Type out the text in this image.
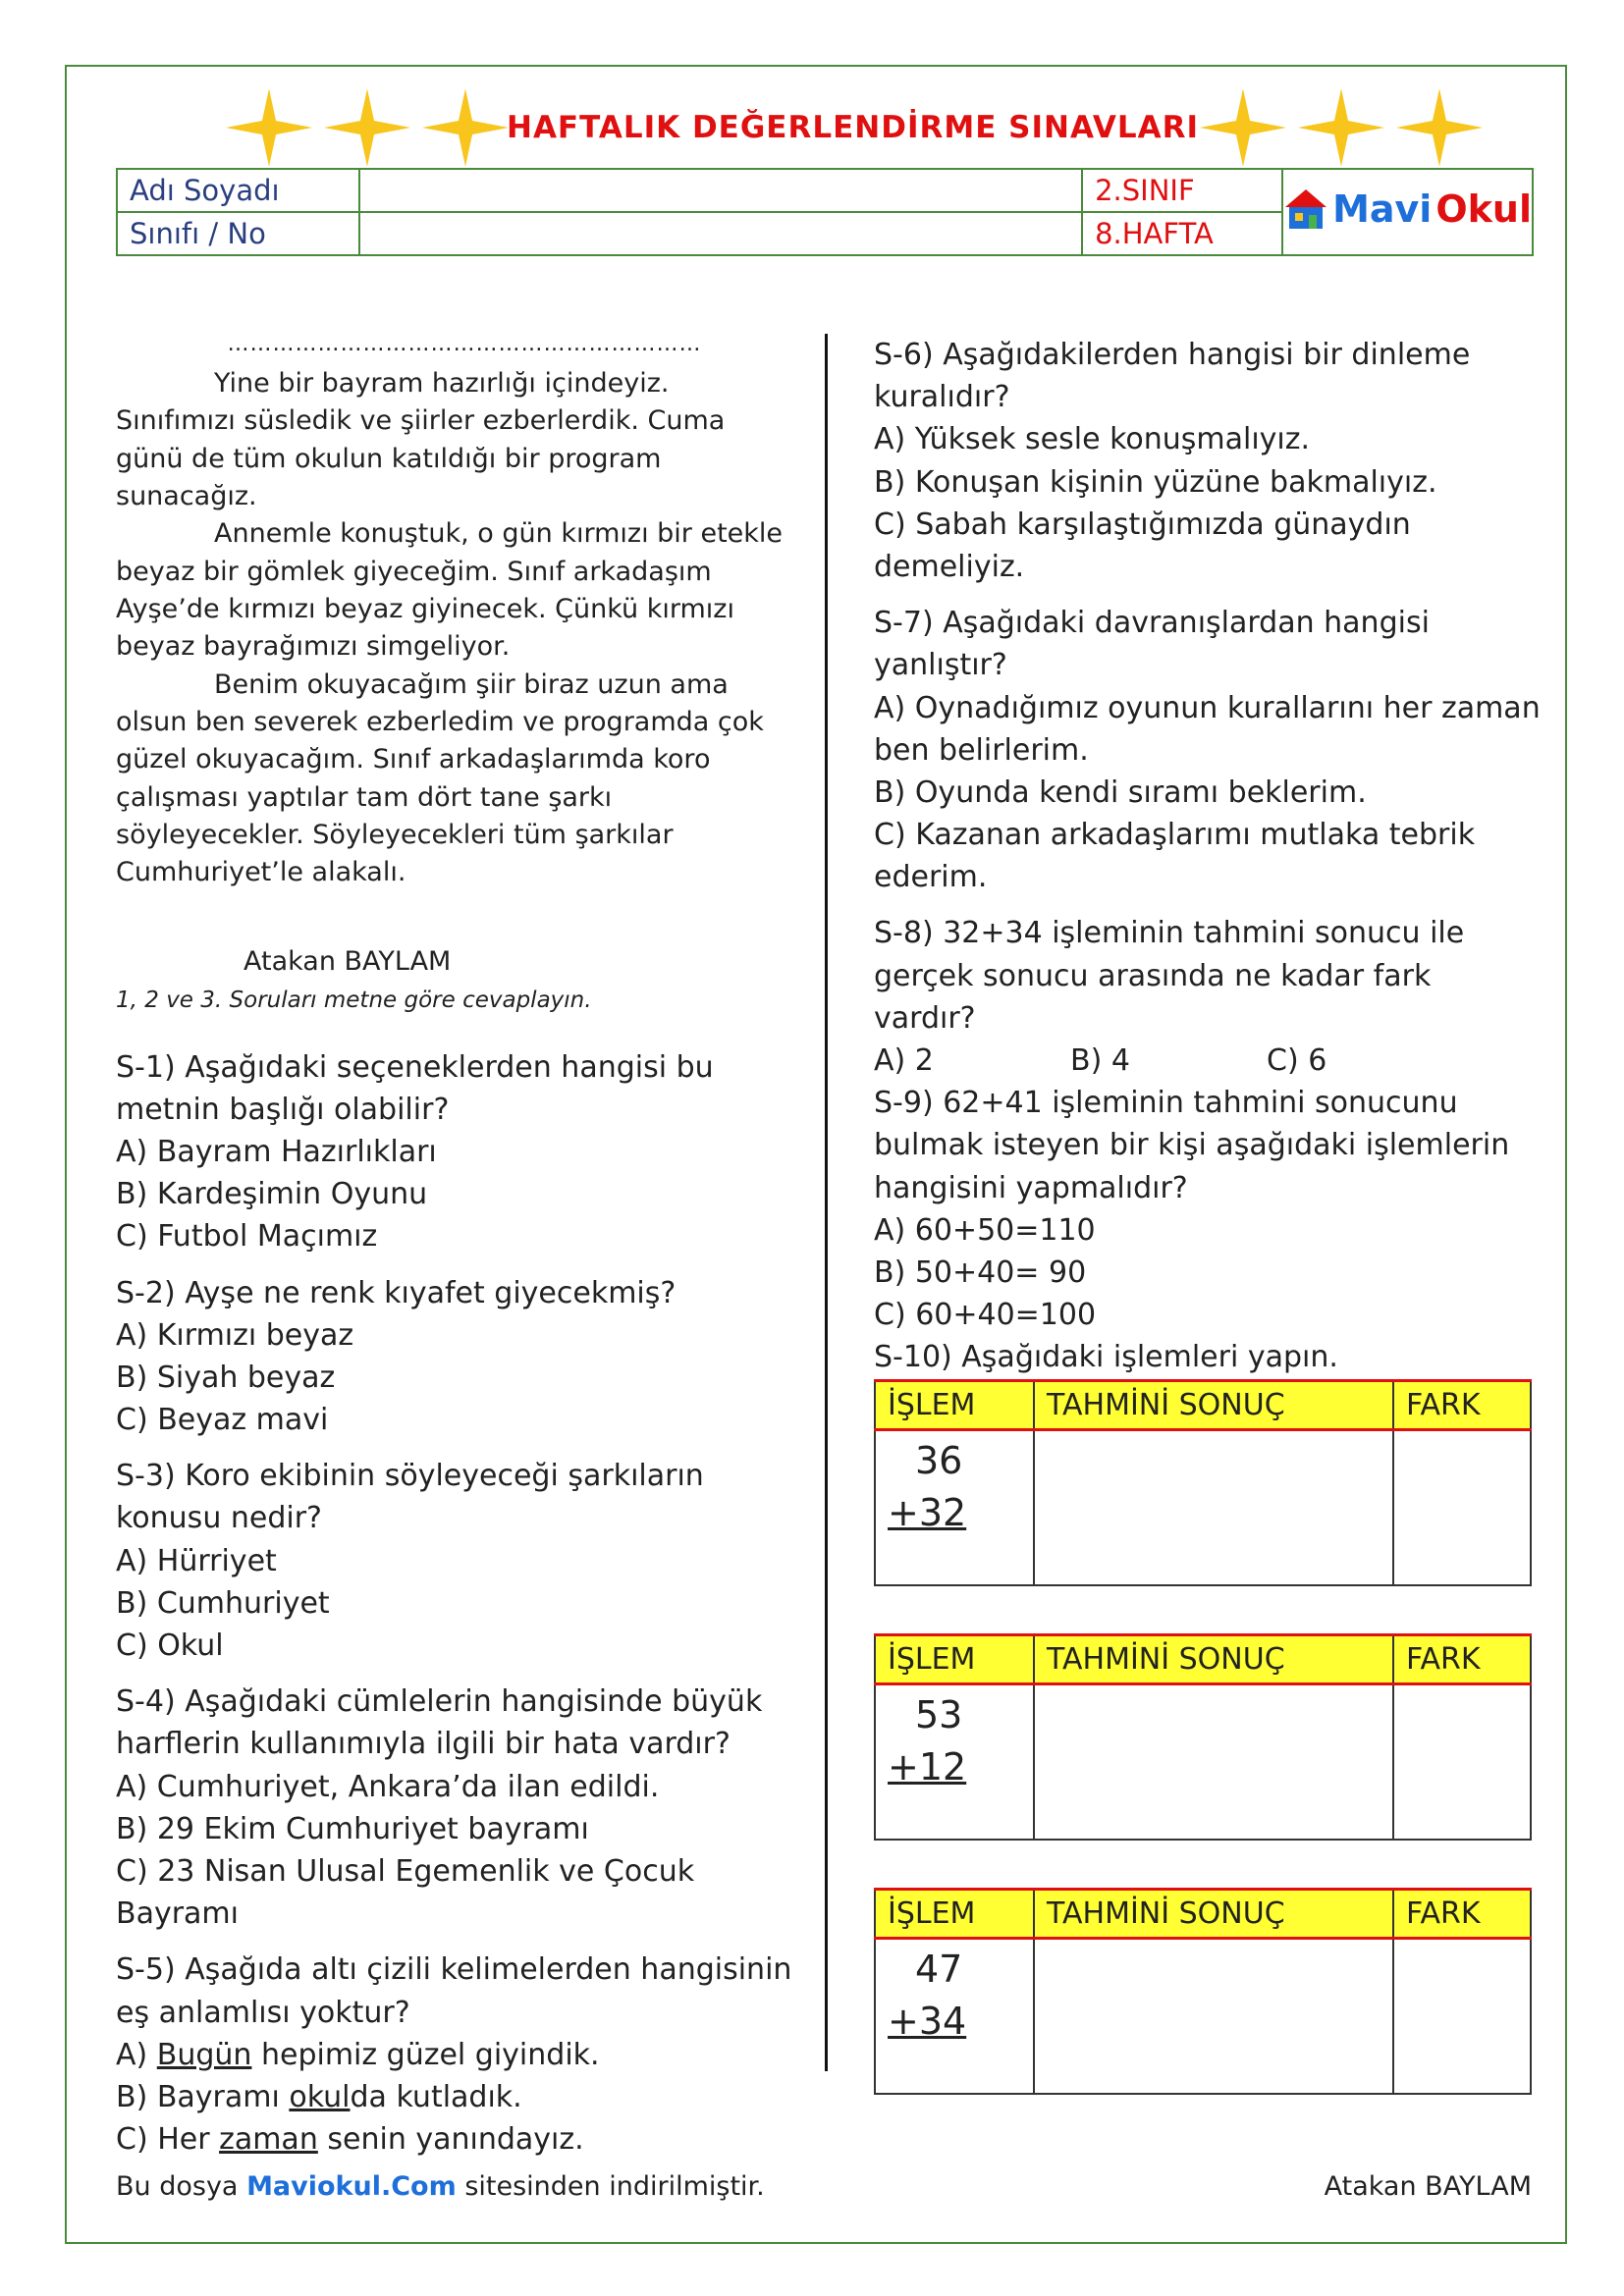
HAFTALIK DEĞERLENDİRME SINAVLARI
Adı Soyadı		2.SINIF	Mavi Okul

Sınıfı / No		8.HAFTA	
………………………………………………………

Yine bir bayram hazırlığı içindeyiz.

Sınıfımızı süsledik ve şiirler ezberlerdik. Cuma günü de tüm okulun katıldığı bir program sunacağız.

Annemle konuştuk, o gün kırmızı bir etekle beyaz bir gömlek giyeceğim. Sınıf arkadaşım Ayşe’de kırmızı beyaz giyinecek. Çünkü kırmızı beyaz bayrağımızı simgeliyor.

Benim okuyacağım şiir biraz uzun ama olsun ben severek ezberledim ve programda çok güzel okuyacağım. Sınıf arkadaşlarımda koro çalışması yaptılar tam dört tane şarkı söyleyecekler. Söyleyecekleri tüm şarkılar Cumhuriyet’le alakalı.

Atakan BAYLAM
1, 2 ve 3. Soruları metne göre cevaplayın.
S-1) Aşağıdaki seçeneklerden hangisi bu metnin başlığı olabilir?
A) Bayram Hazırlıkları
B) Kardeşimin Oyunu
C) Futbol Maçımız
S-2) Ayşe ne renk kıyafet giyecekmiş?
A) Kırmızı beyaz
B) Siyah beyaz
C) Beyaz mavi
S-3) Koro ekibinin söyleyeceği şarkıların konusu nedir?
A) Hürriyet
B) Cumhuriyet
C) Okul
S-4) Aşağıdaki cümlelerin hangisinde büyük harflerin kullanımıyla ilgili bir hata vardır?
A) Cumhuriyet, Ankara’da ilan edildi.
B) 29 Ekim Cumhuriyet bayramı
C) 23 Nisan Ulusal Egemenlik ve Çocuk Bayramı
S-5) Aşağıda altı çizili kelimelerden hangisinin eş anlamlısı yoktur?
A) Bugün hepimiz güzel giyindik.
B) Bayramı okulda kutladık.
C) Her zaman senin yanındayız.
S-6) Aşağıdakilerden hangisi bir dinleme kuralıdır?
A) Yüksek sesle konuşmalıyız.
B) Konuşan kişinin yüzüne bakmalıyız.
C) Sabah karşılaştığımızda günaydın demeliyiz.
S-7) Aşağıdaki davranışlardan hangisi yanlıştır?
A) Oynadığımız oyunun kurallarını her zaman ben belirlerim.
B) Oyunda kendi sıramı beklerim.
C) Kazanan arkadaşlarımı mutlaka tebrik ederim.
S-8) 32+34 işleminin tahmini sonucu ile gerçek sonucu arasında ne kadar fark vardır?
A) 2	B) 4	C) 6
S-9) 62+41 işleminin tahmini sonucunu bulmak isteyen bir kişi aşağıdaki işlemlerin hangisini yapmalıdır?
A) 60+50=110
B) 50+40= 90
C) 60+40=100
S-10) Aşağıdaki işlemleri yapın.
İŞLEM	TAHMİNİ SONUÇ	FARK

36
+32		

İŞLEM	TAHMİNİ SONUÇ	FARK

53
+12		

İŞLEM	TAHMİNİ SONUÇ	FARK

47
+34		

Bu dosya Maviokul.Com sitesinden indirilmiştir.	Atakan BAYLAM
